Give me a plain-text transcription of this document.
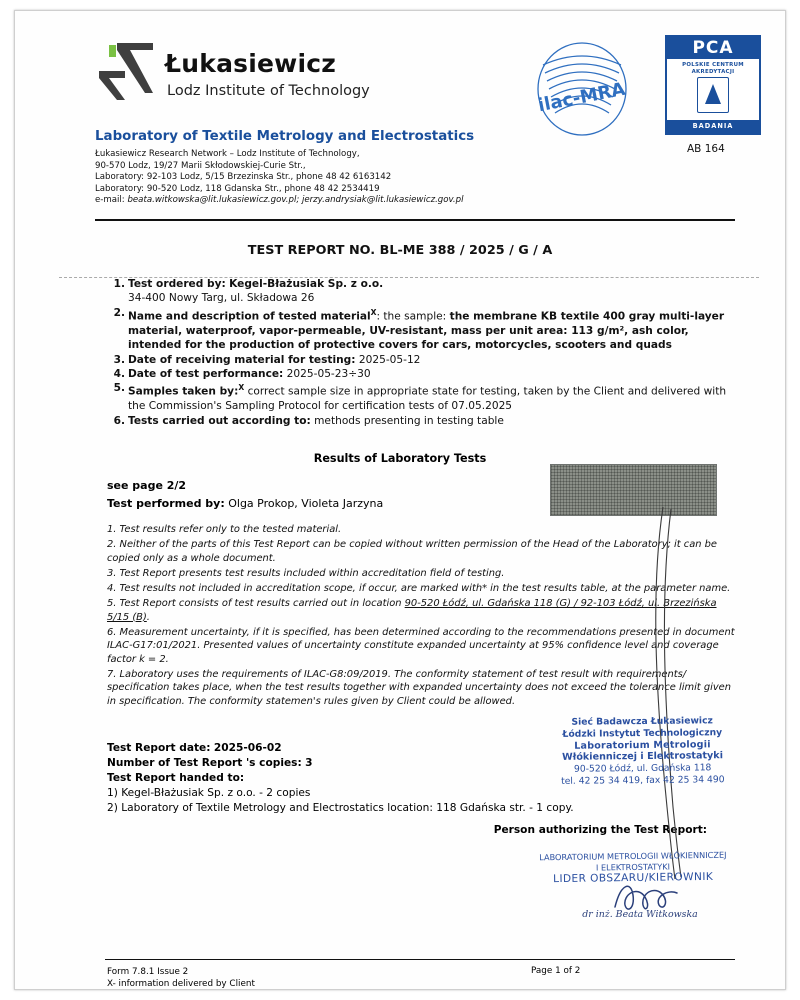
Łukasiewicz
Lodz Institute of Technology	ilac-MRA
PCA
POLSKIE CENTRUM
AKREDYTACJI
BADANIA
AB 164
Laboratory of Textile Metrology and Electrostatics
Łukasiewicz Research Network – Lodz Institute of Technology,
90-570 Lodz, 19/27 Marii Skłodowskiej-Curie Str.,
Laboratory: 92-103 Lodz, 5/15 Brzezinska Str., phone 48 42 6163142
Laboratory: 90-520 Lodz, 118 Gdanska Str., phone 48 42 2534419
e-mail: beata.witkowska@lit.lukasiewicz.gov.pl; jerzy.andrysiak@lit.lukasiewicz.gov.pl
TEST REPORT NO. BL-ME 388 / 2025 / G / A
1. Test ordered by: Kegel-Błażusiak Sp. z o.o.
34-400 Nowy Targ, ul. Składowa 26
2. Name and description of tested material$^X$: the sample: the membrane KB textile 400 gray multi-layer material, waterproof, vapor-permeable, UV-resistant, mass per unit area: 113 g/m², ash color, intended for the production of protective covers for cars, motorcycles, scooters and quads
3. Date of receiving material for testing: 2025-05-12
4. Date of test performance: 2025-05-23÷30
5. Samples taken by:$^X$ correct sample size in appropriate state for testing, taken by the Client and delivered with the Commission's Sampling Protocol for certification tests of 07.05.2025
6. Tests carried out according to: methods presenting in testing table
Results of Laboratory Tests
see page 2/2
Test performed by: Olga Prokop, Violeta Jarzyna

1. Test results refer only to the tested material.

2. Neither of the parts of this Test Report can be copied without written permission of the Head of the Laboratory; it can be copied only as a whole document.

3. Test Report presents test results included within accreditation field of testing.

4. Test results not included in accreditation scope, if occur, are marked with* in the test results table, at the parameter name.

5. Test Report consists of test results carried out in location 90-520 Łódź, ul. Gdańska 118 (G) / 92-103 Łódź, ul. Brzezińska 5/15 (B).

6. Measurement uncertainty, if it is specified, has been determined according to the recommendations presented in document ILAC-G17:01/2021. Presented values of uncertainty constitute expanded uncertainty at 95% confidence level and coverage factor k = 2.

7. Laboratory uses the requirements of ILAC-G8:09/2019. The conformity statement of test result with requirements/ specification takes place, when the test results together with expanded uncertainty does not exceed the tolerance limit given in specification. The conformity statemen's rules given by Client could be allowed.

Test Report date: 2025-06-02
Number of Test Report 's copies: 3
Test Report handed to:
1) Kegel-Błażusiak Sp. z o.o. - 2 copies
2) Laboratory of Textile Metrology and Electrostatics location: 118 Gdańska str. - 1 copy.
Person authorizing the Test Report:
Sieć Badawcza Łukasiewicz
Łódzki Instytut Technologiczny
Laboratorium Metrologii
Włókienniczej i Elektrostatyki
90-520 Łódź, ul. Gdańska 118
tel. 42 25 34 419, fax 42 25 34 490
LABORATORIUM METROLOGII WŁÓKIENNICZEJ
I ELEKTROSTATYKI
LIDER OBSZARU/KIEROWNIK
dr inż. Beata Witkowska
Form 7.8.1 Issue 2
X- information delivered by Client
Page 1 of 2
